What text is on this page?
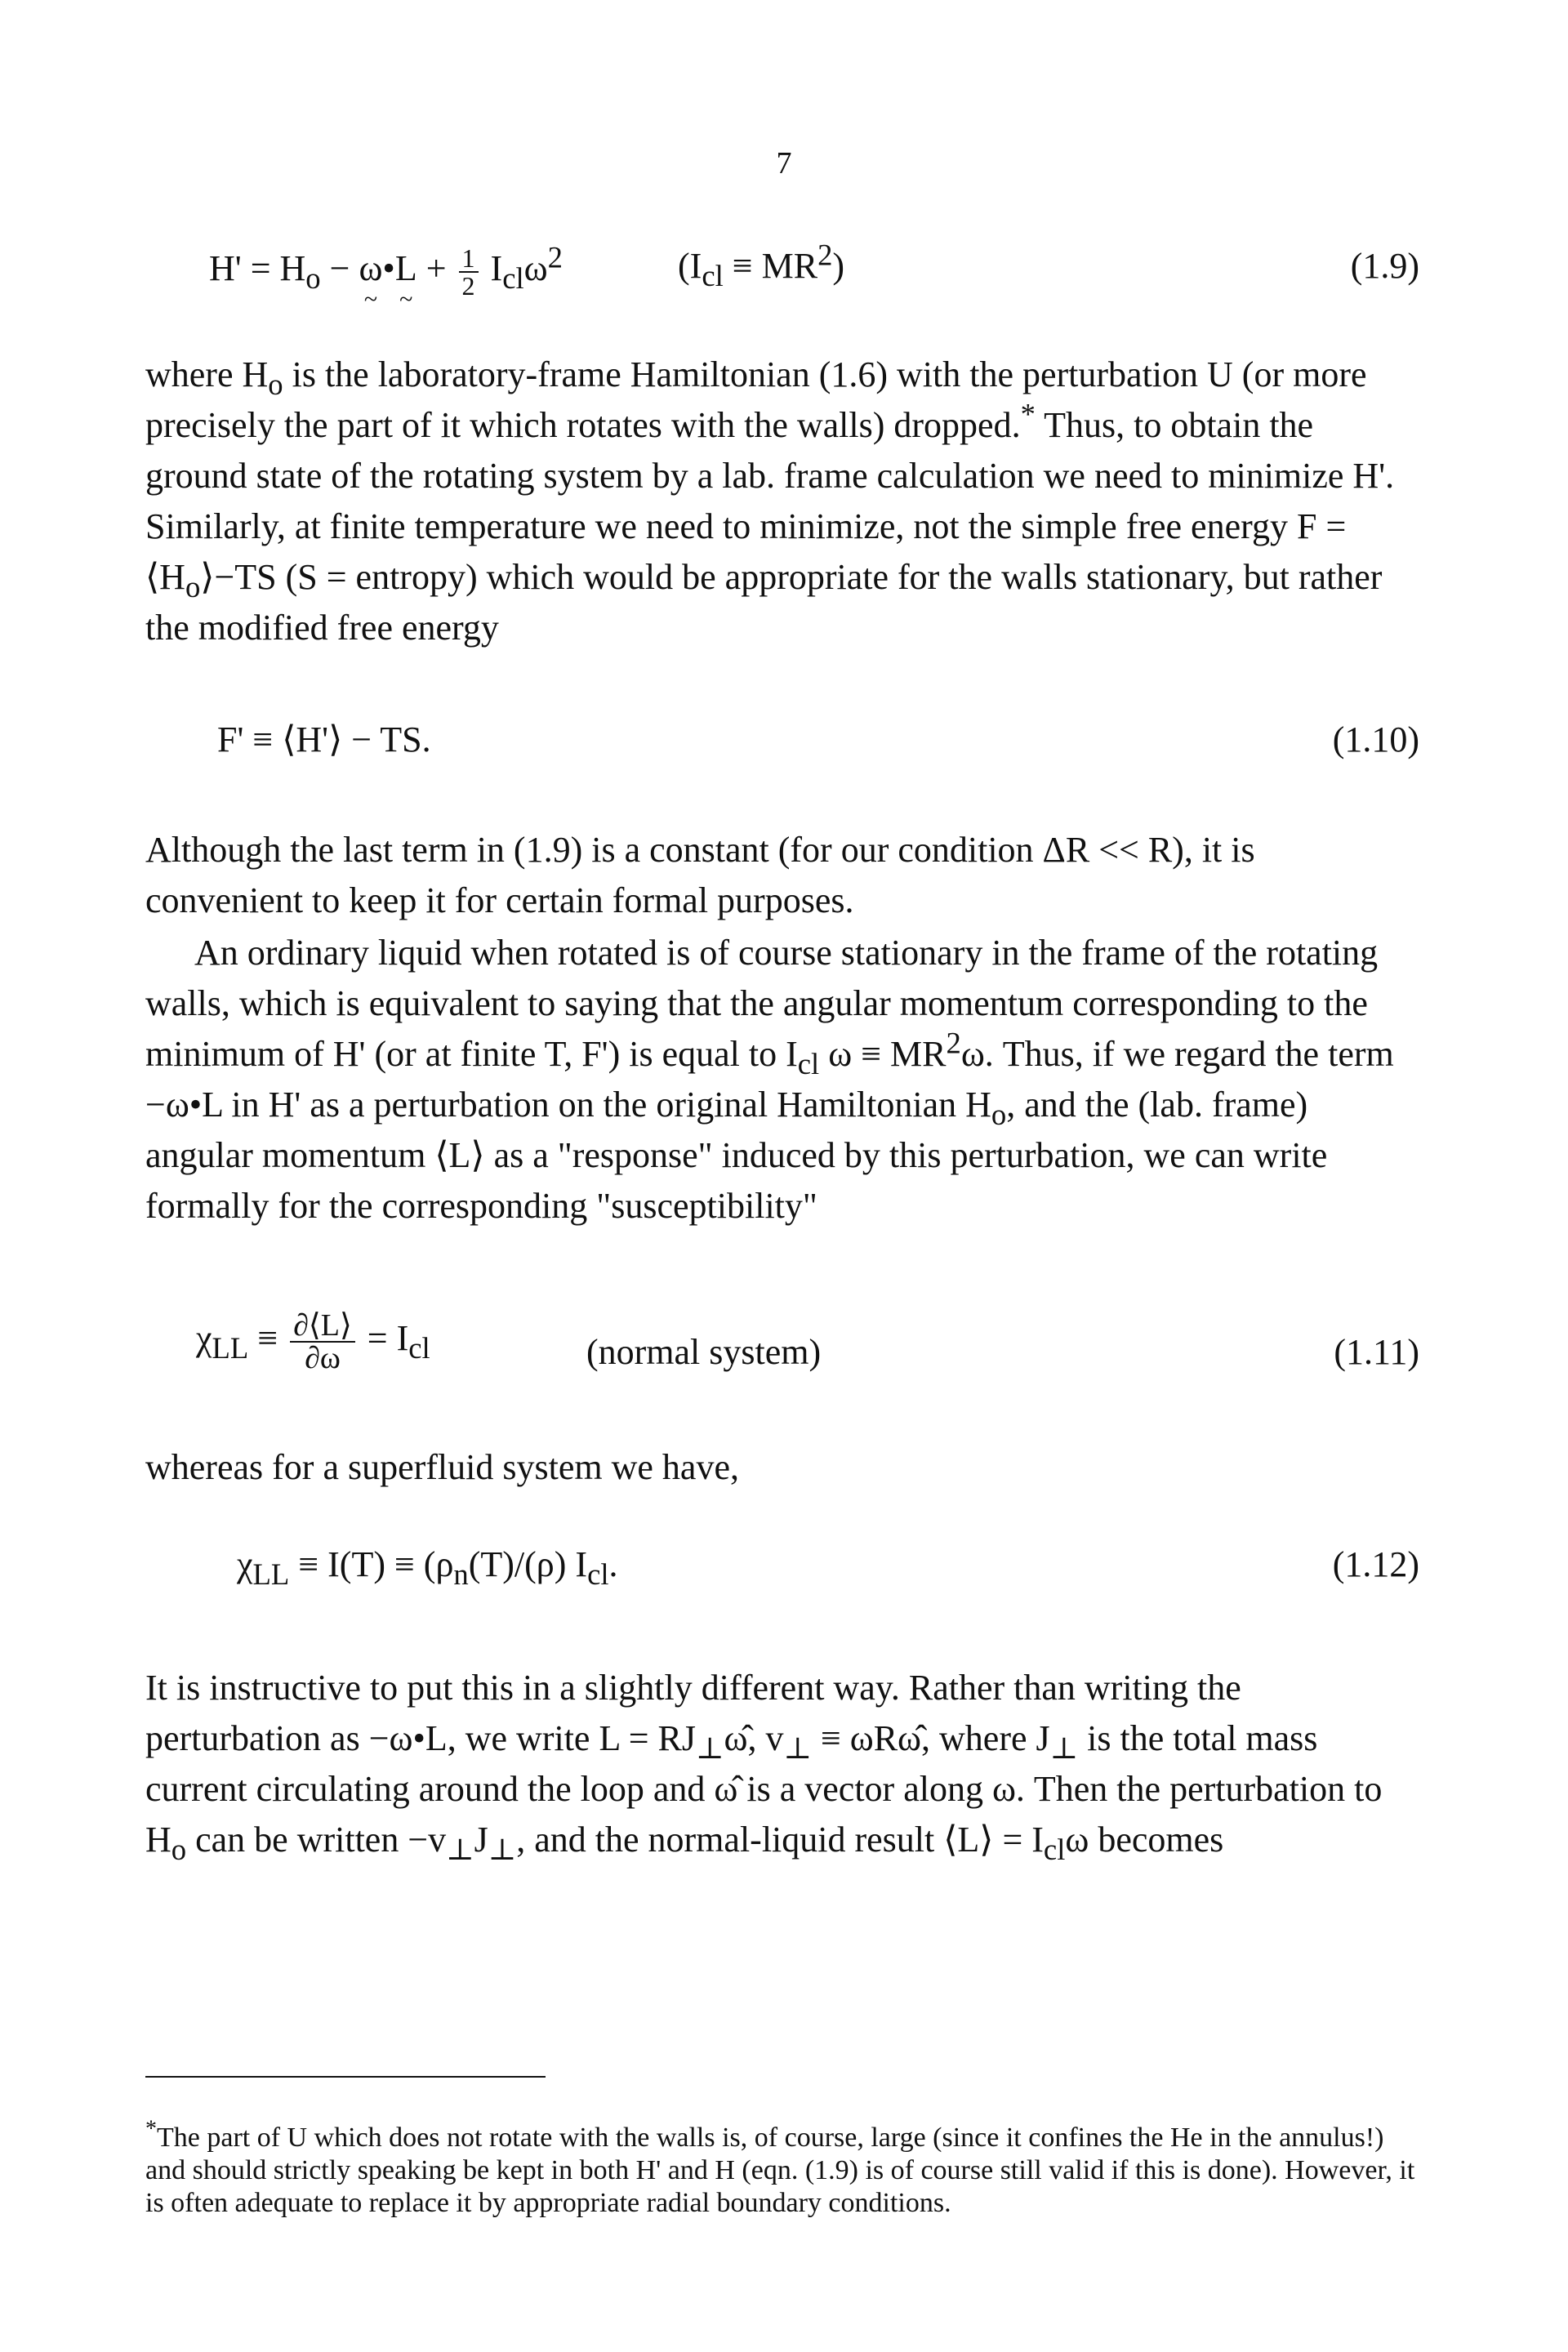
7
$H' = H_o - \omega$ ~•L ~ + $\frac{1}{2} I_{cl}\omega^2$	$(I_{cl} \equiv MR^2)$	(1.9)

where $H_o$ is the laboratory-frame Hamiltonian (1.6) with the perturbation U (or more precisely the part of it which rotates with the walls) dropped.* Thus, to obtain the ground state of the rotating system by a lab. frame calculation we need to minimize H'. Similarly, at finite temperature we need to minimize, not the simple free energy $F = ⟨H_o⟩-TS$ (S = entropy) which would be appropriate for the walls stationary, but rather the modified free energy

F' ≡ ⟨H'⟩ − TS.	(1.10)

Although the last term in (1.9) is a constant (for our condition ΔR << R), it is convenient to keep it for certain formal purposes.

An ordinary liquid when rotated is of course stationary in the frame of the rotating walls, which is equivalent to saying that the angular momentum corresponding to the minimum of H' (or at finite T, F') is equal to $I_{cl}$ $\omega \equiv MR^2\omega$. Thus, if we regard the term −ω•L in H' as a perturbation on the original Hamiltonian $H_o$, and the (lab. frame) angular momentum ⟨L⟩ as a "response" induced by this perturbation, we can write formally for the corresponding "susceptibility"

$\chi_{LL} \equiv \frac{\partial⟨L⟩}{\partial\omega} = I_{cl}$	(normal system)	(1.11)

whereas for a superfluid system we have,

$\chi_{LL} \equiv I(T) \equiv (\rho_n(T)/(\rho)$ $I_{cl}$.	(1.12)

It is instructive to put this in a slightly different way. Rather than writing the perturbation as −ω•L, we write $L = RJ_\perp\omegâ$, $v_\perp$ ≡ ωRω̂, where $J_\perp$ is the total mass current circulating around the loop and ω̂ is a vector along ω. Then the perturbation to $H_o$ can be written $-v_\perp J_\perp$, and the normal-liquid result ⟨L⟩ = $I_{cl}\omega$ becomes

*The part of U which does not rotate with the walls is, of course, large (since it confines the He in the annulus!) and should strictly speaking be kept in both H' and H (eqn. (1.9) is of course still valid if this is done). However, it is often adequate to replace it by appropriate radial boundary conditions.
